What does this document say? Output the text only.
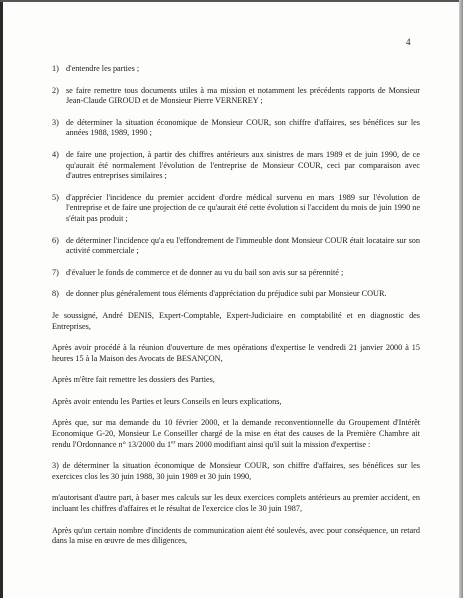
4
1) d'entendre les parties ;
2) se faire remettre tous documents utiles à ma mission et notamment les précédents rapports de Monsieur Jean-Claude GIROUD et de Monsieur Pierre VERNEREY ;
3) de déterminer la situation économique de Monsieur COUR, son chiffre d'affaires, ses bénéfices sur les années 1988, 1989, 1990 ;
4) de faire une projection, à partir des chiffres antérieurs aux sinistres de mars 1989 et de juin 1990, de ce qu'aurait été normalement l'évolution de l'entreprise de Monsieur COUR, ceci par comparaison avec d'autres entreprises similaires ;
5) d'apprécier l'incidence du premier accident d'ordre médical survenu en mars 1989 sur l'évolution de l'entreprise et de faire une projection de ce qu'aurait été cette évolution si l'accident du mois de juin 1990 ne s'était pas produit ;
6) de déterminer l'incidence qu'a eu l'effondrement de l'immeuble dont Monsieur COUR était locataire sur son activité commerciale ;
7) d'évaluer le fonds de commerce et de donner au vu du bail son avis sur sa pérennité ;
8) de donner plus généralement tous éléments d'appréciation du préjudice subi par Monsieur COUR.

Je soussigné, André DENIS, Expert-Comptable, Expert-Judiciaire en comptabilité et en diagnostic des Entreprises,

Après avoir procédé à la réunion d'ouverture de mes opérations d'expertise le vendredi 21 janvier 2000 à 15 heures 15 à la Maison des Avocats de BESANÇON,

Après m'être fait remettre les dossiers des Parties,

Après avoir entendu les Parties et leurs Conseils en leurs explications,

Après que, sur ma demande du 10 février 2000, et la demande reconventionnelle du Groupement d'Intérêt Economique G-20, Monsieur Le Conseiller chargé de la mise en état des causes de la Première Chambre ait rendu l'Ordonnance n° 13/2000 du 1er mars 2000 modifiant ainsi qu'il suit la mission d'expertise :

3) de déterminer la situation économique de Monsieur COUR, son chiffre d'affaires, ses bénéfices sur les exercices clos les 30 juin 1988, 30 juin 1989 et 30 juin 1990,

m'autorisant d'autre part, à baser mes calculs sur les deux exercices complets antérieurs au premier accident, en incluant les chiffres d'affaires et le résultat de l'exercice clos le 30 juin 1987,

Après qu'un certain nombre d'incidents de communication aient été soulevés, avec pour conséquence, un retard dans la mise en œuvre de mes diligences,
